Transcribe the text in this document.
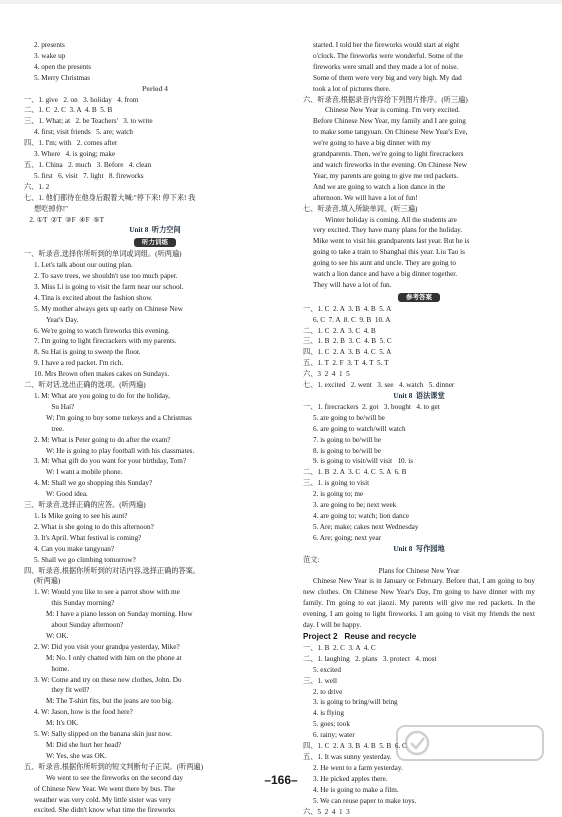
2. presents
3. wake up
4. open the presents
5. Merry Christmas
Period 4
一、1. give   2. on   3. holiday   4. from
二、1. C  2. C  3. A  4. B  5. B
三、1. What; at   2. be Teachers'   3. to write
4. first; visit friends   5. are; watch
四、1. I'm; with   2. comes after
3. Where   4. is going; make
五、1. China   2. much   3. Before   4. clean
5. first   6. visit   7. light   8. fireworks
六、1. 2
七、1. 他们都待在他身后跟着大喊:"停下来! 停下来! 我
想吃掉你!"
2. ①T  ②T  ③F  ④F  ⑤T
Unit 8  听力空间
听力训练
一、听录音,选择你所听到的单词或词组。(听两遍)
1. Let's talk about our outing plan.
2. To save trees, we shouldn't use too much paper.
3. Miss Li is going to visit the farm near our school.
4. Tina is excited about the fashion show.
5. My mother always gets up early on Chinese New
Year's Day.
6. We're going to watch fireworks this evening.
7. I'm going to light firecrackers with my parents.
8. Su Hai is going to sweep the floor.
9. I have a red packet. I'm rich.
10. Mrs Brown often makes cakes on Sundays.
二、听对话,选出正确的选项。(听两遍)
1. M: What are you going to do for the holiday,
Su Hai?
W: I'm going to buy some turkeys and a Christmas
tree.
2. M: What is Peter going to do after the exam?
W: He is going to play football with his classmates.
3. M: What gift do you want for your birthday, Tom?
W: I want a mobile phone.
4. M: Shall we go shopping this Sunday?
W: Good idea.
三、听录音,选择正确的应答。(听两遍)
1. Is Mike going to see his aunt?
2. What is she going to do this afternoon?
3. It's April. What festival is coming?
4. Can you make tangyuan?
5. Shall we go climbing tomorrow?
四、听录音,根据你所听到的对话内容,选择正确的答案。
(听两遍)
1. W: Would you like to see a parrot show with me
this Sunday morning?
M: I have a piano lesson on Sunday morning. How
about Sunday afternoon?
W: OK.
2. W: Did you visit your grandpa yesterday, Mike?
M: No. I only chatted with him on the phone at
home.
3. W: Come and try on these new clothes, John. Do
they fit well?
M: The T-shirt fits, but the jeans are too big.
4. W: Jason, how is the food here?
M: It's OK.
5. W: Sally slipped on the banana skin just now.
M: Did she hurt her head?
W: Yes, she was OK.
五、听录音,根据你所听到的短文判断句子正误。(听两遍)
We went to see the fireworks on the second day
of Chinese New Year. We went there by bus. The
weather was very cold. My little sister was very
excited. She didn't know what time the fireworks
started. I told her the fireworks would start at eight
o'clock. The fireworks were wonderful. Some of the
fireworks were small and they made a lot of noise.
Some of them were very big and very high. My dad
took a lot of pictures there.
六、听录音,根据录音内容给下列图片排序。(听三遍)
Chinese New Year is coming. I'm very excited.
Before Chinese New Year, my family and I are going
to make some tangyuan. On Chinese New Year's Eve,
we're going to have a big dinner with my
grandparents. Then, we're going to light firecrackers
and watch fireworks in the evening. On Chinese New
Year, my parents are going to give me red packets.
And we are going to watch a lion dance in the
afternoon. We will have a lot of fun!
七、听录音,填入所缺单词。(听三遍)
Winter holiday is coming. All the students are
very excited. They have many plans for the holiday.
Mike went to visit his grandparents last year. But he is
going to take a train to Shanghai this year. Liu Tao is
going to see his aunt and uncle. They are going to
watch a lion dance and have a big dinner together.
They will have a lot of fun.
参考答案
一、1. C  2. A  3. B  4. B  5. A
6. C  7. A  8. C  9. B  10. A
二、1. C  2. A  3. C  4. B
三、1. B  2. B  3. C  4. B  5. C
四、1. C  2. A  3. B  4. C  5. A
五、1. T  2. F  3. T  4. T  5. T
六、3  2  4  1  5
七、1. excited   2. went   3. see   4. watch   5. dinner
Unit 8  语法课堂
一、1. firecrackers  2. got   3. bought   4. to get
5. are going to be/will be
6. are going to watch/will watch
7. is going to be/will be
8. is going to be/will be
9. is going to visit/will visit   10. is
二、1. B  2. A  3. C  4. C  5. A  6. B
三、1. is going to visit
2. is going to; me
3. are going to be; next week
4. are going to; watch; lion dance
5. Are; make; cakes next Wednesday
6. Are; going; next year
Unit 8  写作园地
范文:
Plans for Chinese New Year
Chinese New Year is in January or February. Before that, I am going to buy new clothes. On Chinese New Year's Day, I'm going to have dinner with my family. I'm going to eat jiaozi. My parents will give me red packets. In the evening, I am going to light fireworks. I am going to visit my friends the next day. I will be happy.
Project 2   Reuse and recycle
一、1. B  2. C  3. A  4. C
二、1. laughing   2. plans   3. protect   4. most
5. excited
三、1. well
2. to drive
3. is going to bring/will bring
4. is flying
5. goes; took
6. rainy; water
四、1. C  2. A  3. B  4. B  5. B  6. C
五、1. It was sunny yesterday.
2. He went to a farm yesterday.
3. He picked apples there.
4. He is going to make a film.
5. We can reuse paper to make toys.
六、5  2  4  1  3
–166–
